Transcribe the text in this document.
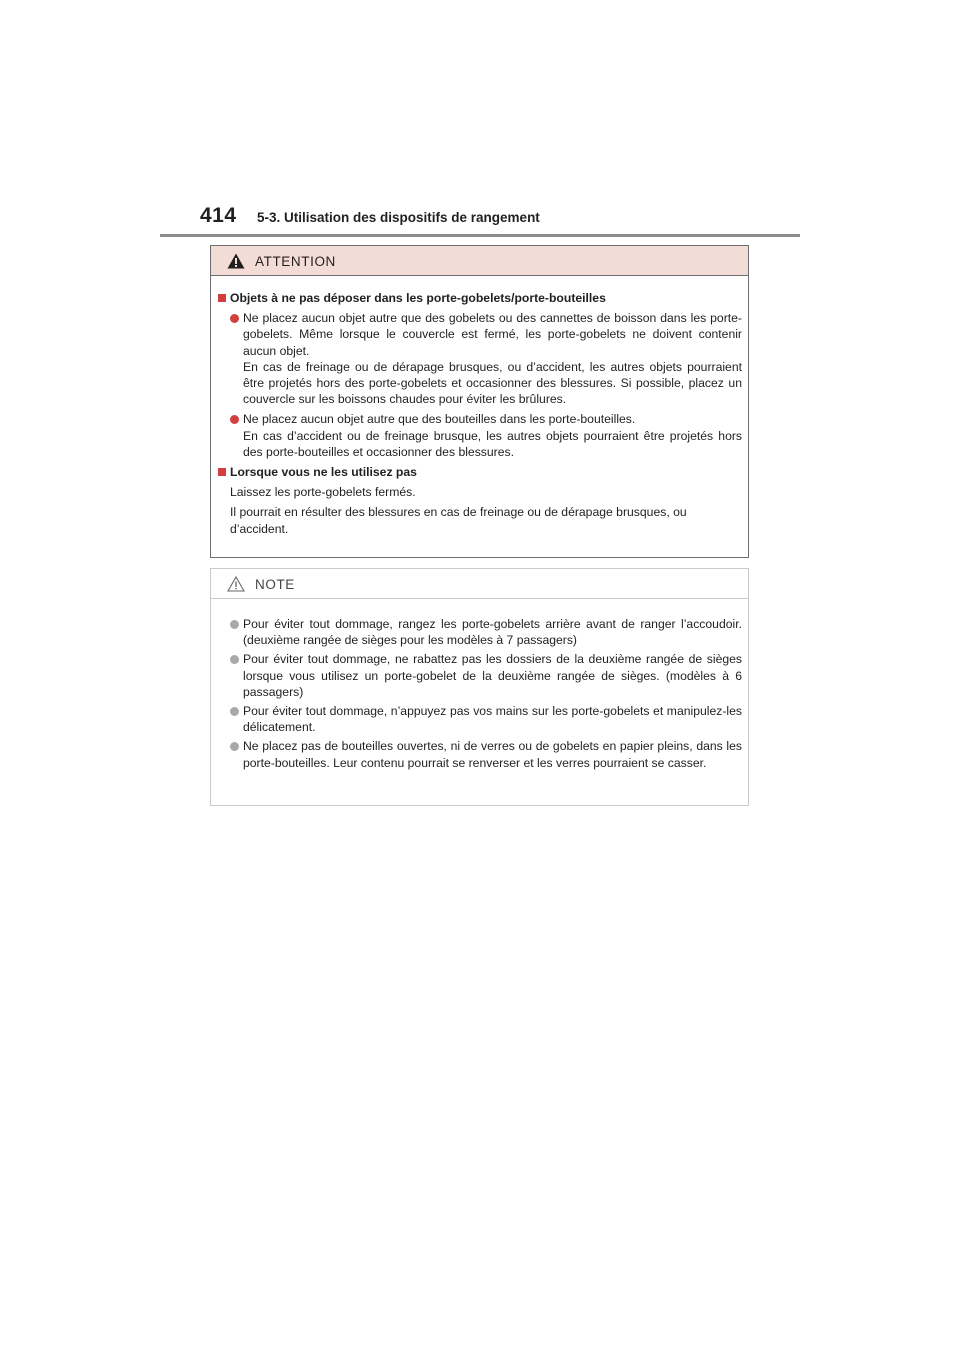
414 5-3. Utilisation des dispositifs de rangement
ATTENTION
Objets à ne pas déposer dans les porte-gobelets/porte-bouteilles

Ne placez aucun objet autre que des gobelets ou des cannettes de boisson dans les porte-gobelets. Même lorsque le couvercle est fermé, les porte-gobelets ne doivent contenir aucun objet.

En cas de freinage ou de dérapage brusques, ou d’accident, les autres objets pourraient être projetés hors des porte-gobelets et occasionner des blessures. Si possible, placez un couvercle sur les boissons chaudes pour éviter les brûlures.

Ne placez aucun objet autre que des bouteilles dans les porte-bouteilles.

En cas d’accident ou de freinage brusque, les autres objets pourraient être projetés hors des porte-bouteilles et occasionner des blessures.

Lorsque vous ne les utilisez pas

Laissez les porte-gobelets fermés.

Il pourrait en résulter des blessures en cas de freinage ou de dérapage brusques, ou d’accident.

NOTE

Pour éviter tout dommage, rangez les porte-gobelets arrière avant de ranger l’accoudoir. (deuxième rangée de sièges pour les modèles à 7 passagers)

Pour éviter tout dommage, ne rabattez pas les dossiers de la deuxième rangée de sièges lorsque vous utilisez un porte-gobelet de la deuxième rangée de sièges. (modèles à 6 passagers)

Pour éviter tout dommage, n’appuyez pas vos mains sur les porte-gobelets et manipulez-les délicatement.

Ne placez pas de bouteilles ouvertes, ni de verres ou de gobelets en papier pleins, dans les porte-bouteilles. Leur contenu pourrait se renverser et les verres pourraient se casser.
